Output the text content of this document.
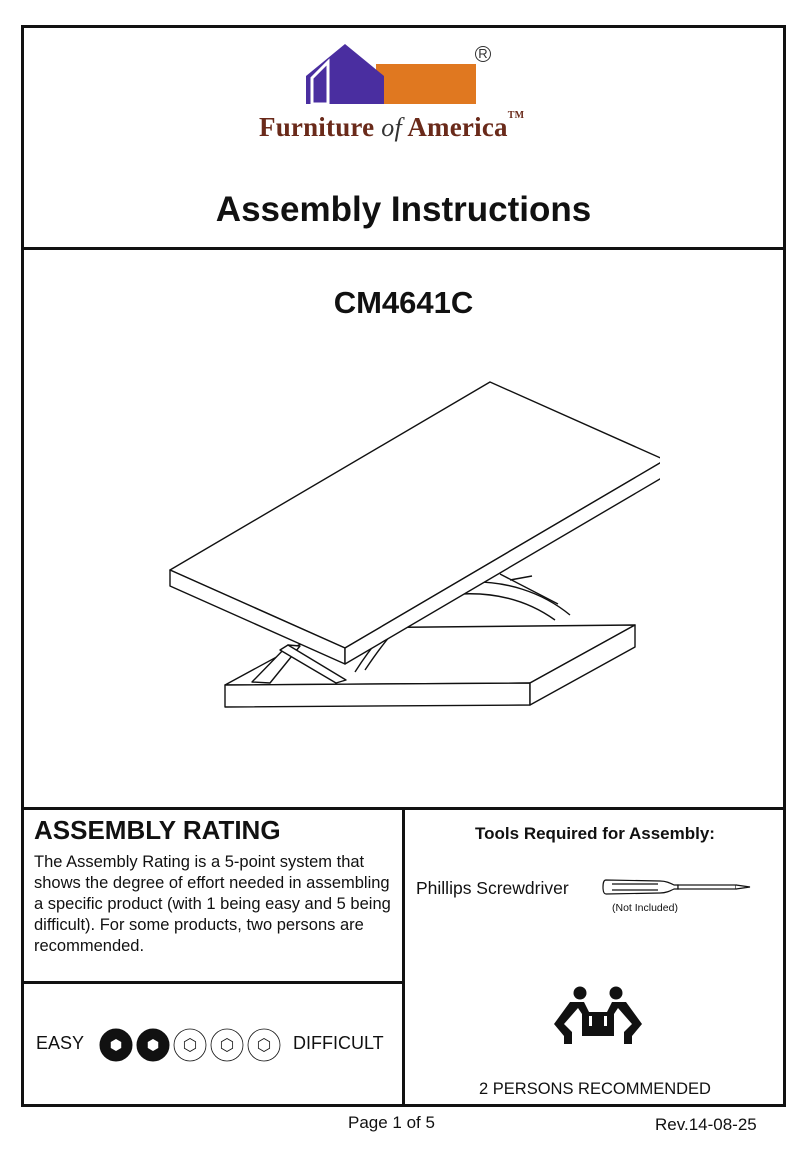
R
Furniture of America™
Assembly Instructions
CM4641C
ASSEMBLY RATING
The Assembly Rating is a 5-point system that shows the degree of effort needed in assembling a specific product (with 1 being easy and 5 being difficult). For some products, two persons are recommended.
EASY	DIFFICULT
Tools Required for Assembly:
Phillips Screwdriver
(Not Included)
2 PERSONS RECOMMENDED
Page 1 of 5	Rev.14-08-25
